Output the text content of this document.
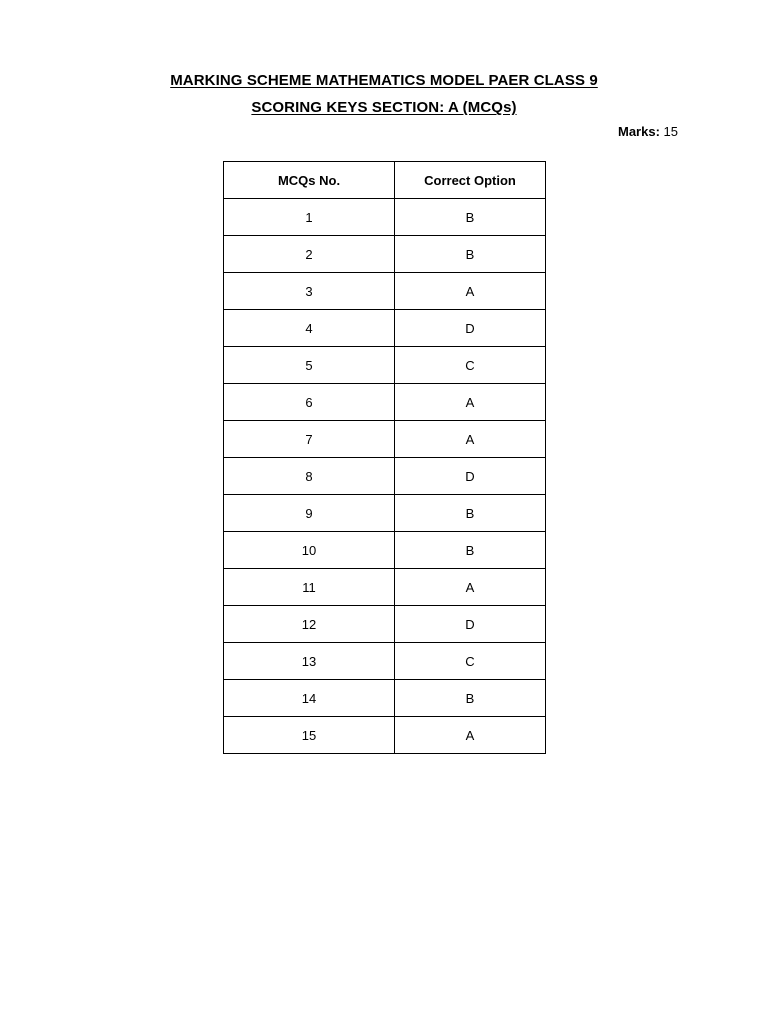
MARKING SCHEME MATHEMATICS MODEL PAER CLASS 9
SCORING KEYS SECTION: A (MCQs)
Marks: 15
MCQs No.	Correct Option
1	B
2	B
3	A
4	D
5	C
6	A
7	A
8	D
9	B
10	B
11	A
12	D
13	C
14	B
15	A
